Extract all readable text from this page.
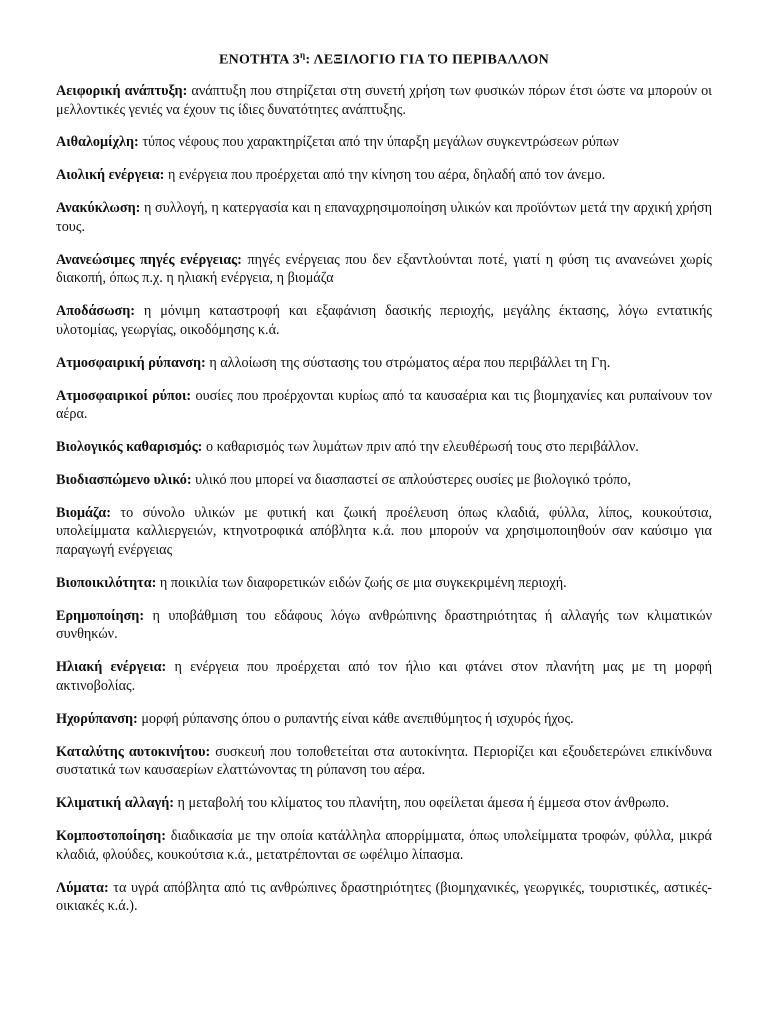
ΕΝΟΤΗΤΑ $3^\eta$: ΛΕΞΙΛΟΓΙΟ ΓΙΑ ΤΟ ΠΕΡΙΒΑΛΛΟΝ

Αειφορική ανάπτυξη: ανάπτυξη που στηρίζεται στη συνετή χρήση των φυσικών πόρων έτσι ώστε να μπορούν οι μελλοντικές γενιές να έχουν τις ίδιες δυνατότητες ανάπτυξης.

Αιθαλομίχλη: τύπος νέφους που χαρακτηρίζεται από την ύπαρξη μεγάλων συγκεντρώσεων ρύπων

Αιολική ενέργεια: η ενέργεια που προέρχεται από την κίνηση του αέρα, δηλαδή από τον άνεμο.

Ανακύκλωση: η συλλογή, η κατεργασία και η επαναχρησιμοποίηση υλικών και προϊόντων μετά την αρχική χρήση τους.

Ανανεώσιμες πηγές ενέργειας: πηγές ενέργειας που δεν εξαντλούνται ποτέ, γιατί η φύση τις ανανεώνει χωρίς διακοπή, όπως π.χ. η ηλιακή ενέργεια, η βιομάζα

Αποδάσωση: η μόνιμη καταστροφή και εξαφάνιση δασικής περιοχής, μεγάλης έκτασης, λόγω εντατικής υλοτομίας, γεωργίας, οικοδόμησης κ.ά.

Ατμοσφαιρική ρύπανση: η αλλοίωση της σύστασης του στρώματος αέρα που περιβάλλει τη Γη.

Ατμοσφαιρικοί ρύποι: ουσίες που προέρχονται κυρίως από τα καυσαέρια και τις βιομηχανίες και ρυπαίνουν τον αέρα.

Βιολογικός καθαρισμός: ο καθαρισμός των λυμάτων πριν από την ελευθέρωσή τους στο περιβάλλον.

Βιοδιασπώμενο υλικό: υλικό που μπορεί να διασπαστεί σε απλούστερες ουσίες με βιολογικό τρόπο,

Βιομάζα: το σύνολο υλικών με φυτική και ζωική προέλευση όπως κλαδιά, φύλλα, λίπος, κουκούτσια, υπολείμματα καλλιεργειών, κτηνοτροφικά απόβλητα κ.ά. που μπορούν να χρησιμοποιηθούν σαν καύσιμο για παραγωγή ενέργειας

Βιοποικιλότητα: η ποικιλία των διαφορετικών ειδών ζωής σε μια συγκεκριμένη περιοχή.

Ερημοποίηση: η υποβάθμιση του εδάφους λόγω ανθρώπινης δραστηριότητας ή αλλαγής των κλιματικών συνθηκών.

Ηλιακή ενέργεια: η ενέργεια που προέρχεται από τον ήλιο και φτάνει στον πλανήτη μας με τη μορφή ακτινοβολίας.

Ηχορύπανση: μορφή ρύπανσης όπου ο ρυπαντής είναι κάθε ανεπιθύμητος ή ισχυρός ήχος.

Καταλύτης αυτοκινήτου: συσκευή που τοποθετείται στα αυτοκίνητα. Περιορίζει και εξουδετερώνει επικίνδυνα συστατικά των καυσαερίων ελαττώνοντας τη ρύπανση του αέρα.

Κλιματική αλλαγή: η μεταβολή του κλίματος του πλανήτη, που οφείλεται άμεσα ή έμμεσα στον άνθρωπο.

Κομποστοποίηση: διαδικασία με την οποία κατάλληλα απορρίμματα, όπως υπολείμματα τροφών, φύλλα, μικρά κλαδιά, φλούδες, κουκούτσια κ.ά., μετατρέπονται σε ωφέλιμο λίπασμα.

Λύματα: τα υγρά απόβλητα από τις ανθρώπινες δραστηριότητες (βιομηχανικές, γεωργικές, τουριστικές, αστικές-οικιακές κ.ά.).
